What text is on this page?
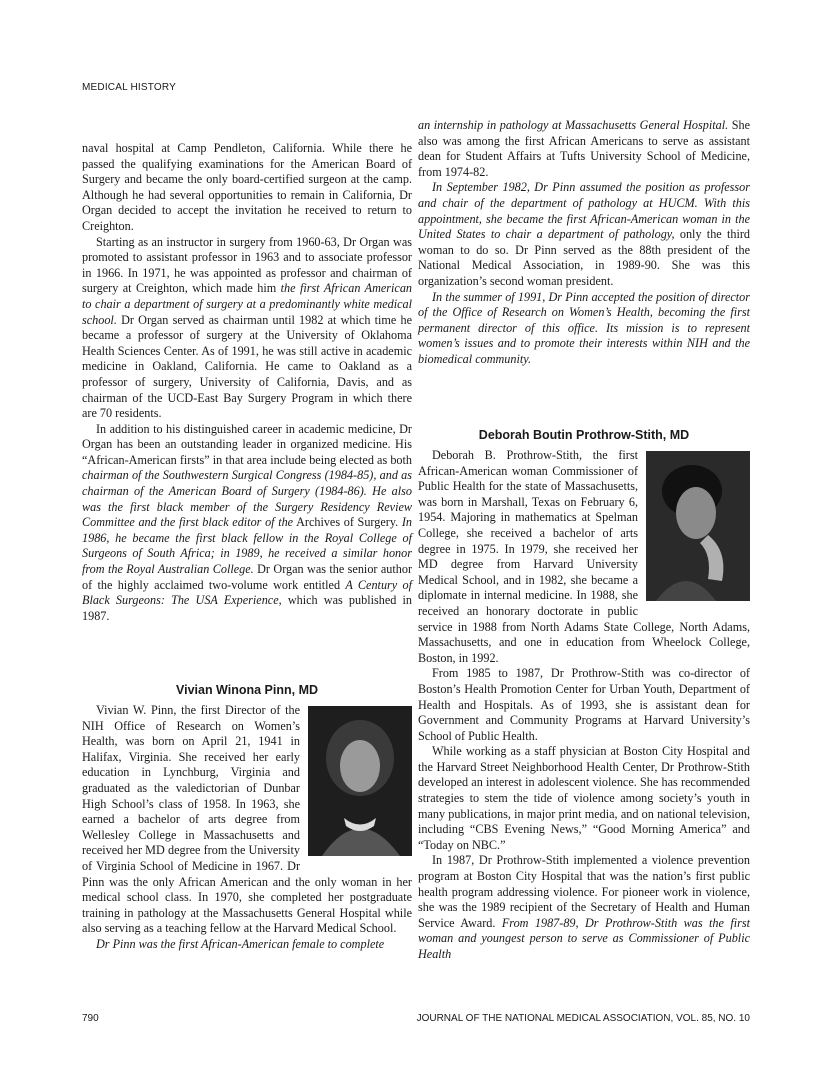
MEDICAL HISTORY

naval hospital at Camp Pendleton, California. While there he passed the qualifying examinations for the American Board of Surgery and became the only board-certified surgeon at the camp. Although he had several opportunities to remain in California, Dr Organ decided to accept the invitation he received to return to Creighton.

Starting as an instructor in surgery from 1960-63, Dr Organ was promoted to assistant professor in 1963 and to associate professor in 1966. In 1971, he was appointed as professor and chairman of surgery at Creighton, which made him the first African American to chair a department of surgery at a predominantly white medical school. Dr Organ served as chairman until 1982 at which time he became a professor of surgery at the University of Oklahoma Health Sciences Center. As of 1991, he was still active in academic medicine in Oakland, California. He came to Oakland as a professor of surgery, University of California, Davis, and as chairman of the UCD-East Bay Surgery Program in which there are 70 residents.

In addition to his distinguished career in academic medicine, Dr Organ has been an outstanding leader in organized medicine. His “African-American firsts” in that area include being elected as both chairman of the Southwestern Surgical Congress (1984-85), and as chairman of the American Board of Surgery (1984-86). He also was the first black member of the Surgery Residency Review Committee and the first black editor of the Archives of Surgery. In 1986, he became the first black fellow in the Royal College of Surgeons of South Africa; in 1989, he received a similar honor from the Royal Australian College. Dr Organ was the senior author of the highly acclaimed two-volume work entitled A Century of Black Surgeons: The USA Experience, which was published in 1987.

Vivian Winona Pinn, MD

Vivian W. Pinn, the first Director of the NIH Office of Research on Women’s Health, was born on April 21, 1941 in Halifax, Virginia. She received her early education in Lynchburg, Virginia and graduated as the valedictorian of Dunbar High School’s class of 1958. In 1963, she earned a bachelor of arts degree from Wellesley College in Massachusetts and received her MD degree from the University of Virginia School of Medicine in 1967. Dr Pinn was the only African American and the only woman in her medical school class. In 1970, she completed her postgraduate training in pathology at the Massachusetts General Hospital while also serving as a teaching fellow at the Harvard Medical School.

Dr Pinn was the first African-American female to complete

an internship in pathology at Massachusetts General Hospital. She also was among the first African Americans to serve as assistant dean for Student Affairs at Tufts University School of Medicine, from 1974-82.

In September 1982, Dr Pinn assumed the position as professor and chair of the department of pathology at HUCM. With this appointment, she became the first African-American woman in the United States to chair a department of pathology, only the third woman to do so. Dr Pinn served as the 88th president of the National Medical Association, in 1989-90. She was this organization’s second woman president.

In the summer of 1991, Dr Pinn accepted the position of director of the Office of Research on Women’s Health, becoming the first permanent director of this office. Its mission is to represent women’s issues and to promote their interests within NIH and the biomedical community.

Deborah Boutin Prothrow-Stith, MD

Deborah B. Prothrow-Stith, the first African-American woman Commissioner of Public Health for the state of Massachusetts, was born in Marshall, Texas on February 6, 1954. Majoring in mathematics at Spelman College, she received a bachelor of arts degree in 1975. In 1979, she received her MD degree from Harvard University Medical School, and in 1982, she became a diplomate in internal medicine. In 1988, she received an honorary doctorate in public service in 1988 from North Adams State College, North Adams, Massachusetts, and one in education from Wheelock College, Boston, in 1992.

From 1985 to 1987, Dr Prothrow-Stith was co-director of Boston’s Health Promotion Center for Urban Youth, Department of Health and Hospitals. As of 1993, she is assistant dean for Government and Community Programs at Harvard University’s School of Public Health.

While working as a staff physician at Boston City Hospital and the Harvard Street Neighborhood Health Center, Dr Prothrow-Stith developed an interest in adolescent violence. She has recommended strategies to stem the tide of violence among society’s youth in many publications, in major print media, and on national television, including “CBS Evening News,” “Good Morning America” and “Today on NBC.”

In 1987, Dr Prothrow-Stith implemented a violence prevention program at Boston City Hospital that was the nation’s first public health program addressing violence. For pioneer work in violence, she was the 1989 recipient of the Secretary of Health and Human Service Award. From 1987-89, Dr Prothrow-Stith was the first woman and youngest person to serve as Commissioner of Public Health

790	JOURNAL OF THE NATIONAL MEDICAL ASSOCIATION, VOL. 85, NO. 10
